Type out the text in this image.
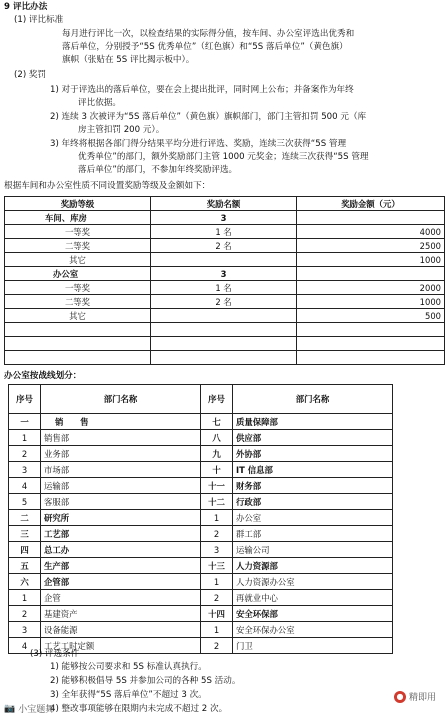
9 评比办法
(1) 评比标准
每月进行评比一次，以检查结果的实际得分值，按车间、办公室评选出优秀和
落后单位，分别授予“5S 优秀单位”（红色旗）和“5S 落后单位”（黄色旗）
旗帜（张贴在 5S 评比揭示板中）。
(2) 奖罚
1) 对于评选出的落后单位，要在会上提出批评，同时网上公布；并备案作为年终
评比依据。
2) 连续 3 次被评为“5S 落后单位”（黄色旗）旗帜部门，部门主管扣罚 500 元（库
房主管扣罚 200 元）。
3) 年终将根据各部门得分结果平均分进行评选、奖励，连续三次获得“5S 管理
优秀单位”的部门，额外奖励部门主管 1000 元奖金；连续三次获得“5S 管理
落后单位”的部门，不参加年终奖励评选。
根据车间和办公室性质不同设置奖励等级及金额如下：
奖励等级	奖励名额	奖励金额（元）
车间、库房	3	
一等奖	1 名	4000
二等奖	2 名	2500
其它		1000
办公室	3	
一等奖	1 名	2000
二等奖	2 名	1000
其它		500

办公室按战线划分：
序号	部门名称	序号	部门名称
一	销　　售	七	质量保障部
1	销售部	八	供应部
2	业务部	九	外协部
3	市场部	十	IT 信息部
4	运输部	十一	财务部
5	客服部	十二	行政部
二	研究所	1	办公室
三	工艺部	2	群工部
四	总工办	3	运输公司
五	生产部	十三	人力资源部
六	企管部	1	人力资源办公室
1	企管	2	再就业中心
2	基建资产	十四	安全环保部
3	设备能源	1	安全环保办公室
4	工艺工时定额	2	门卫
(3) 评选条件
1) 能够按公司要求和 5S 标准认真执行。
2) 能够积极倡导 5S 并参加公司的各种 5S 活动。
3) 全年获得“5S 落后单位”不超过 3 次。
4) 整改事项能够在限期内未完成不超过 2 次。
📷 小宝题舞
● 精即用
